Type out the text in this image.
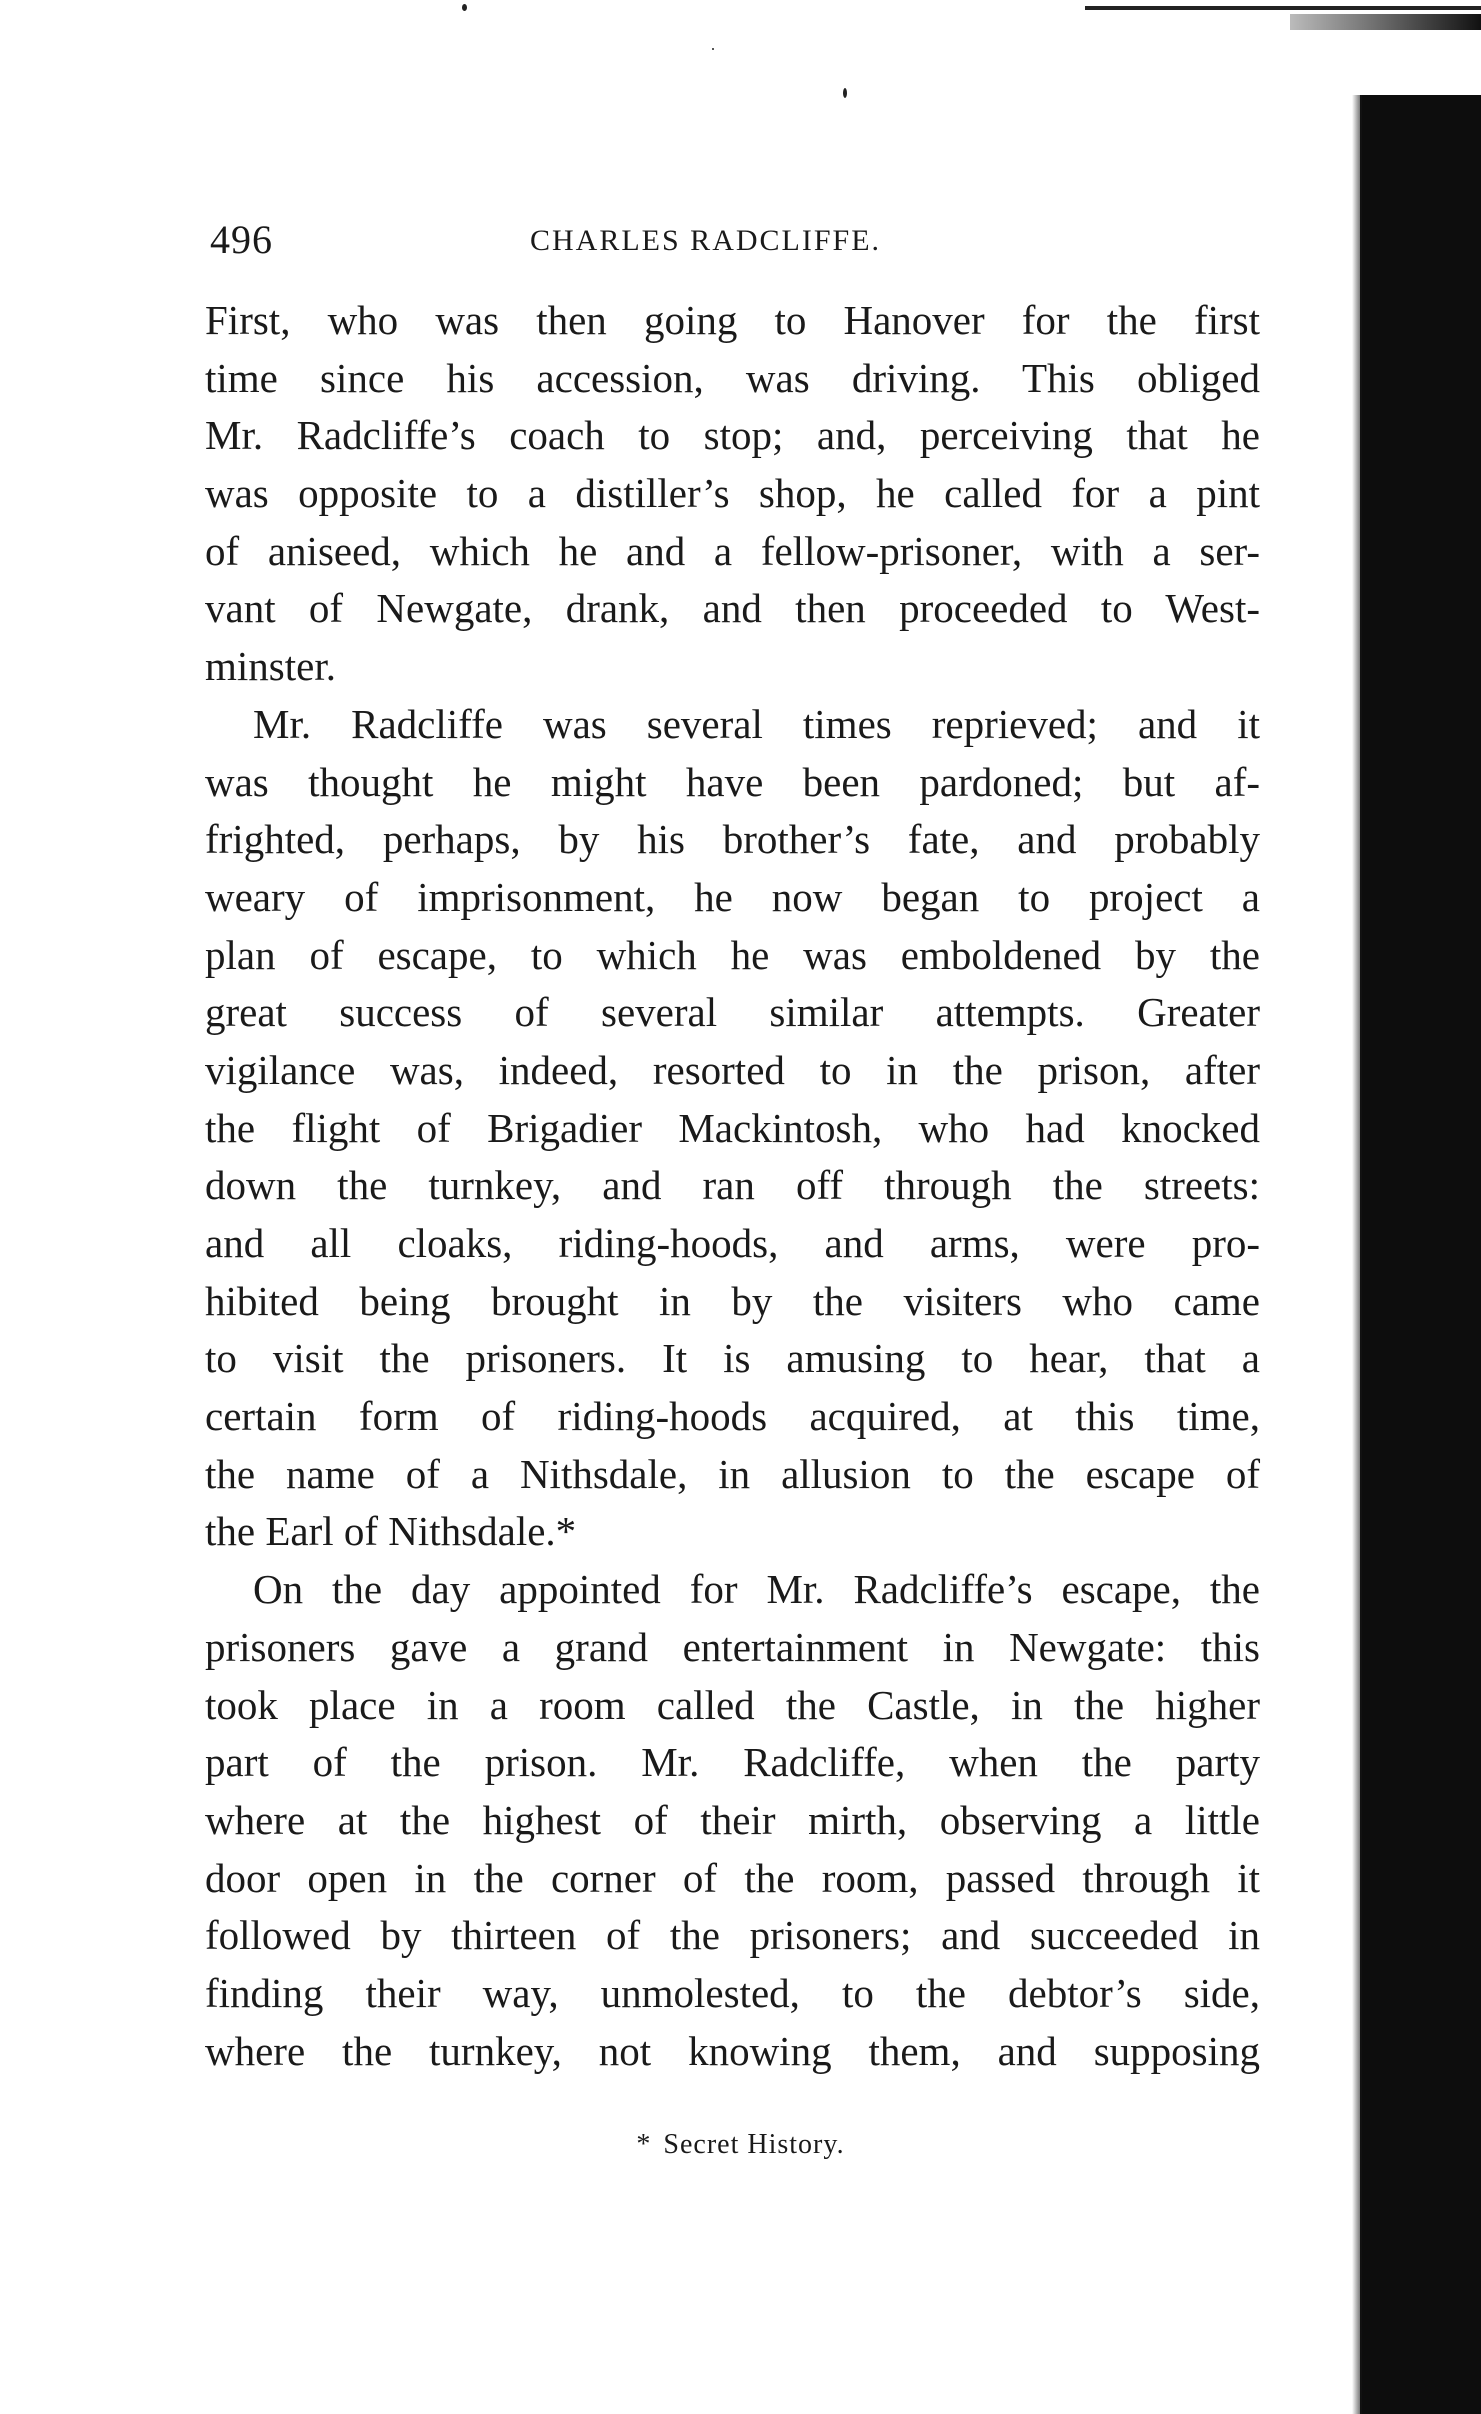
496	CHARLES RADCLIFFE.
First, who was then going to Hanover for the first
time since his accession, was driving. This obliged
Mr. Radcliffe’s coach to stop; and, perceiving that he
was opposite to a distiller’s shop, he called for a pint
of aniseed, which he and a fellow-prisoner, with a ser-
vant of Newgate, drank, and then proceeded to West-
minster.
Mr. Radcliffe was several times reprieved; and it
was thought he might have been pardoned; but af-
frighted, perhaps, by his brother’s fate, and probably
weary of imprisonment, he now began to project a
plan of escape, to which he was emboldened by the
great success of several similar attempts. Greater
vigilance was, indeed, resorted to in the prison, after
the flight of Brigadier Mackintosh, who had knocked
down the turnkey, and ran off through the streets:
and all cloaks, riding-hoods, and arms, were pro-
hibited being brought in by the visiters who came
to visit the prisoners. It is amusing to hear, that a
certain form of riding-hoods acquired, at this time,
the name of a Nithsdale, in allusion to the escape of
the Earl of Nithsdale.*
On the day appointed for Mr. Radcliffe’s escape, the
prisoners gave a grand entertainment in Newgate: this
took place in a room called the Castle, in the higher
part of the prison. Mr. Radcliffe, when the party
where at the highest of their mirth, observing a little
door open in the corner of the room, passed through it
followed by thirteen of the prisoners; and succeeded in
finding their way, unmolested, to the debtor’s side,
where the turnkey, not knowing them, and supposing
* Secret History.
